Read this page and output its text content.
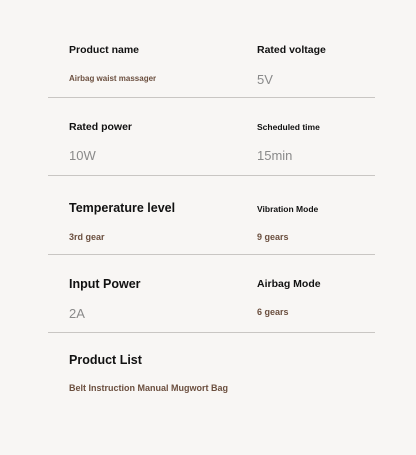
Product name
Airbag waist massager
Rated voltage
5V
Rated power
10W
Scheduled time
15min
Temperature level
3rd gear
Vibration Mode
9 gears
Input Power
2A
Airbag Mode
6 gears
Product List
Belt Instruction Manual Mugwort Bag
